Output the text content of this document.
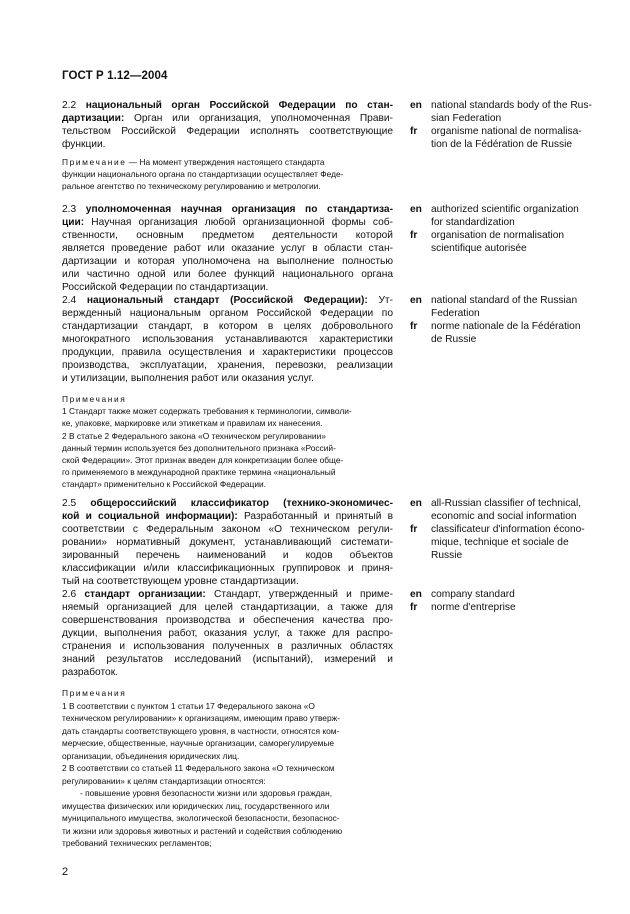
ГОСТ Р 1.12—2004
2.2 национальный орган Российской Федерации по стан-
дартизации: Орган или организация, уполномоченная Прави-
тельством Российской Федерации исполнять соответствующие
функции.
en national standards body of the Rus-
sian Federation
fr organisme national de normalisa-
tion de la Fédération de Russie
2.3 уполномоченная научная организация по стандартиза-
ции: Научная организация любой организационной формы соб-
ственности, основным предметом деятельности которой
является проведение работ или оказание услуг в области стан-
дартизации и которая уполномочена на выполнение полностью
или частично одной или более функций национального органа
Российской Федерации по стандартизации.
en authorized scientific organization
for standardization
fr organisation de normalisation
scientifique autorisée
2.4 национальный стандарт (Российской Федерации): Ут-
вержденный национальным органом Российской Федерации по
стандартизации стандарт, в котором в целях добровольного
многократного использования устанавливаются характеристики
продукции, правила осуществления и характеристики процессов
производства, эксплуатации, хранения, перевозки, реализации
и утилизации, выполнения работ или оказания услуг.
en national standard of the Russian
Federation
fr norme nationale de la Fédération
de Russie
2.5 общероссийский классификатор (технико-экономичес-
кой и социальной информации): Разработанный и принятый в
соответствии с Федеральным законом «О техническом регули-
ровании» нормативный документ, устанавливающий системати-
зированный перечень наименований и кодов объектов
классификации и/или классификационных группировок и приня-
тый на соответствующем уровне стандартизации.
en all-Russian classifier of technical,
economic and social information
fr classificateur d'information écono-
mique, technique et sociale de
Russie
2.6 стандарт организации: Стандарт, утвержденный и приме-
няемый организацией для целей стандартизации, а также для
совершенствования производства и обеспечения качества про-
дукции, выполнения работ, оказания услуг, а также для распро-
странения и использования полученных в различных областях
знаний результатов исследований (испытаний), измерений и
разработок.
en company standard
fr norme d'entreprise
Примечание — На момент утверждения настоящего стандарта
функции национального органа по стандартизации осуществляет Феде-
ральное агентство по техническому регулированию и метрологии.
Примечания
1 Стандарт также может содержать требования к терминологии, символи-
ке, упаковке, маркировке или этикеткам и правилам их нанесения.
2 В статье 2 Федерального закона «О техническом регулировании»
данный термин используется без дополнительного признака «Россий-
ской Федерации». Этот признак введен для конкретизации более обще-
го применяемого в международной практике термина «национальный
стандарт» применительно к Российской Федерации.
Примечания
1 В соответствии с пунктом 1 статьи 17 Федерального закона «О
техническом регулировании» к организациям, имеющим право утверж-
дать стандарты соответствующего уровня, в частности, относятся ком-
мерческие, общественные, научные организации, саморегулируемые
организации, объединения юридических лиц.
2 В соответствии со статьей 11 Федерального закона «О техническом
регулировании» к целям стандартизации относятся:
- повышение уровня безопасности жизни или здоровья граждан,
имущества физических или юридических лиц, государственного или
муниципального имущества, экологической безопасности, безопаснос-
ти жизни или здоровья животных и растений и содействия соблюдению
требований технических регламентов;
2
